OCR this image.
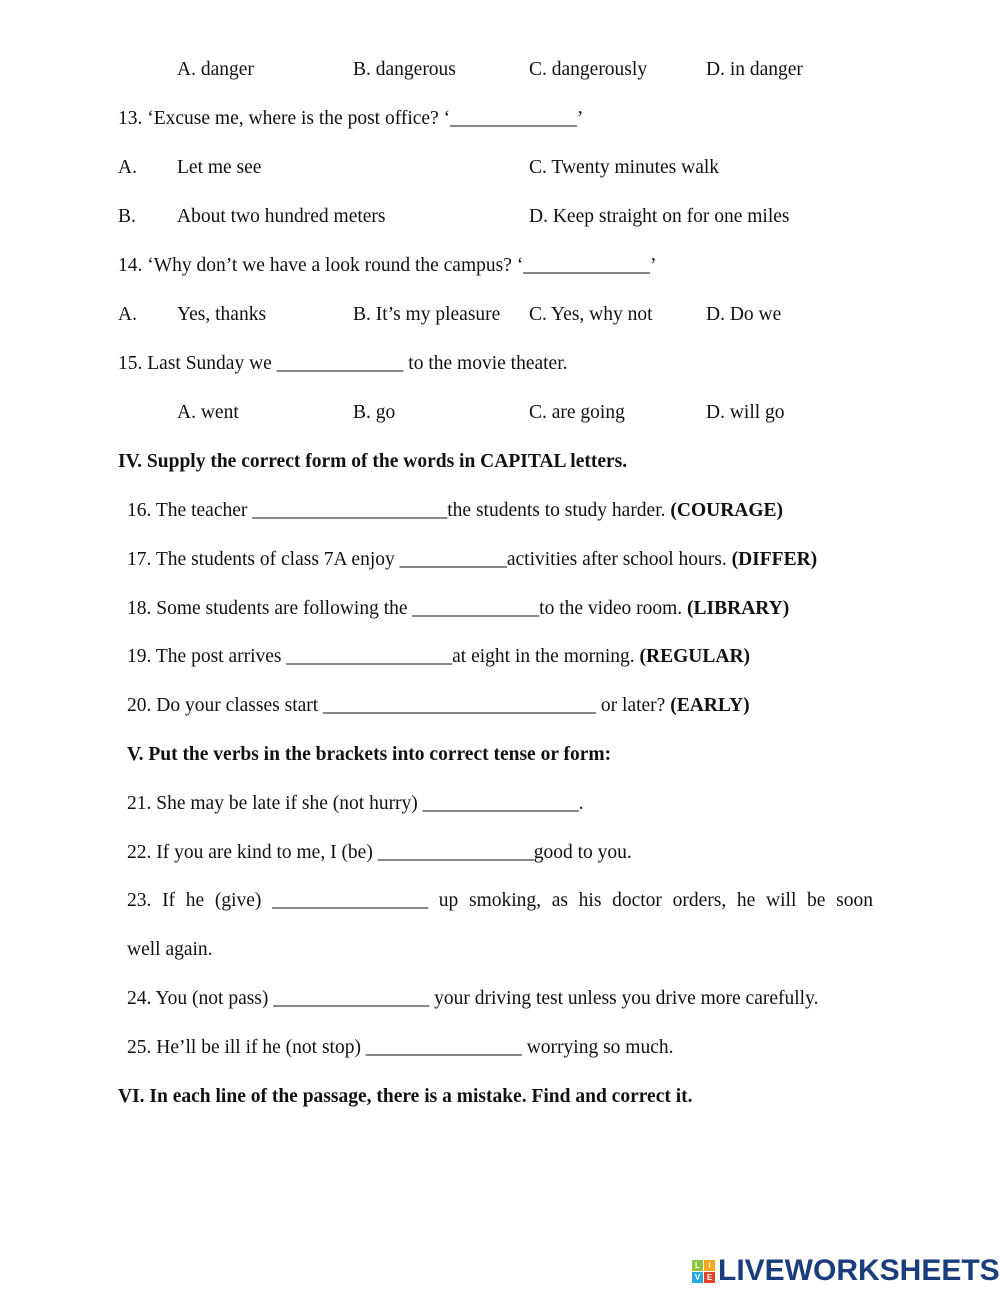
A. danger	B. dangerous	C. dangerously	D. in danger
13. ‘Excuse me, where is the post office? ‘_____________’
A. Let me see	C. Twenty minutes walk
B. About two hundred meters	D. Keep straight on for one miles
14. ‘Why don’t we have a look round the campus? ‘_____________’
A. Yes, thanks	B. It’s my pleasure C. Yes, why not	D. Do we
15. Last Sunday we _____________ to the movie theater.
A. went	B. go	C. are going	D. will go
IV. Supply the correct form of the words in CAPITAL letters.
16. The teacher ____________________the students to study harder. (COURAGE)
17. The students of class 7A enjoy ___________activities after school hours. (DIFFER)
18. Some students are following the _____________to the video room. (LIBRARY)
19. The post arrives _________________at eight in the morning. (REGULAR)
20. Do your classes start ____________________________ or later? (EARLY)
V. Put the verbs in the brackets into correct tense or form:
21. She may be late if she (not hurry) ________________.
22. If you are kind to me, I (be) ________________good to you.
23. If he (give) ________________ up smoking, as his doctor orders, he will be soon
well again.
24. You (not pass) ________________ your driving test unless you drive more carefully.
25. He’ll be ill if he (not stop) ________________ worrying so much.
VI. In each line of the passage, there is a mistake. Find and correct it.
L	I
V E LIVEWORKSHEETS
